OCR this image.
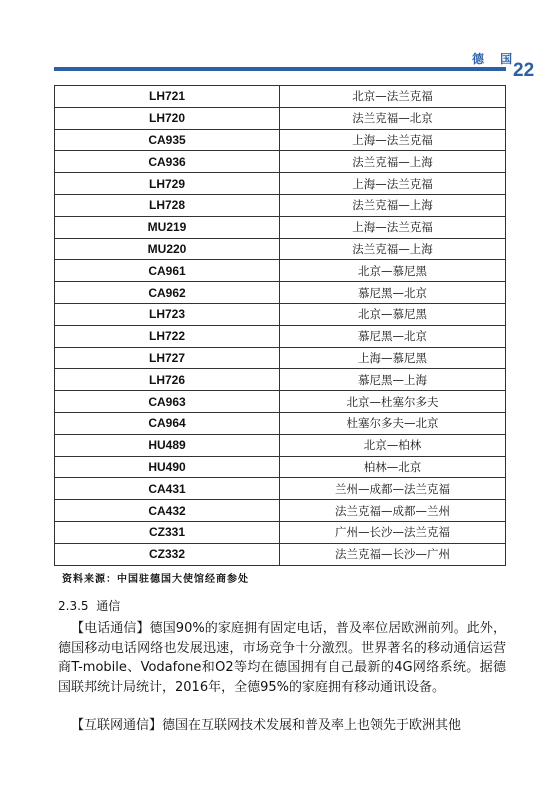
德 国
22
LH721	北京—法兰克福
LH720	法兰克福—北京
CA935	上海—法兰克福
CA936	法兰克福—上海
LH729	上海—法兰克福
LH728	法兰克福—上海
MU219	上海—法兰克福
MU220	法兰克福—上海
CA961	北京—慕尼黑
CA962	慕尼黑—北京
LH723	北京—慕尼黑
LH722	慕尼黑—北京
LH727	上海—慕尼黑
LH726	慕尼黑—上海
CA963	北京—杜塞尔多夫
CA964	杜塞尔多夫—北京
HU489	北京—柏林
HU490	柏林—北京
CA431	兰州—成都—法兰克福
CA432	法兰克福—成都—兰州
CZ331	广州—长沙—法兰克福
CZ332	法兰克福—长沙—广州
资料来源：中国驻德国大使馆经商参处
2.3.5 通信

【电话通信】德国90%的家庭拥有固定电话，普及率位居欧洲前列。此外，德国移动电话网络也发展迅速，市场竞争十分激烈。世界著名的移动通信运营商T-mobile、Vodafone和O2等均在德国拥有自己最新的4G网络系统。据德国联邦统计局统计，2016年，全德95%的家庭拥有移动通讯设备。

【互联网通信】德国在互联网技术发展和普及率上也领先于欧洲其他
